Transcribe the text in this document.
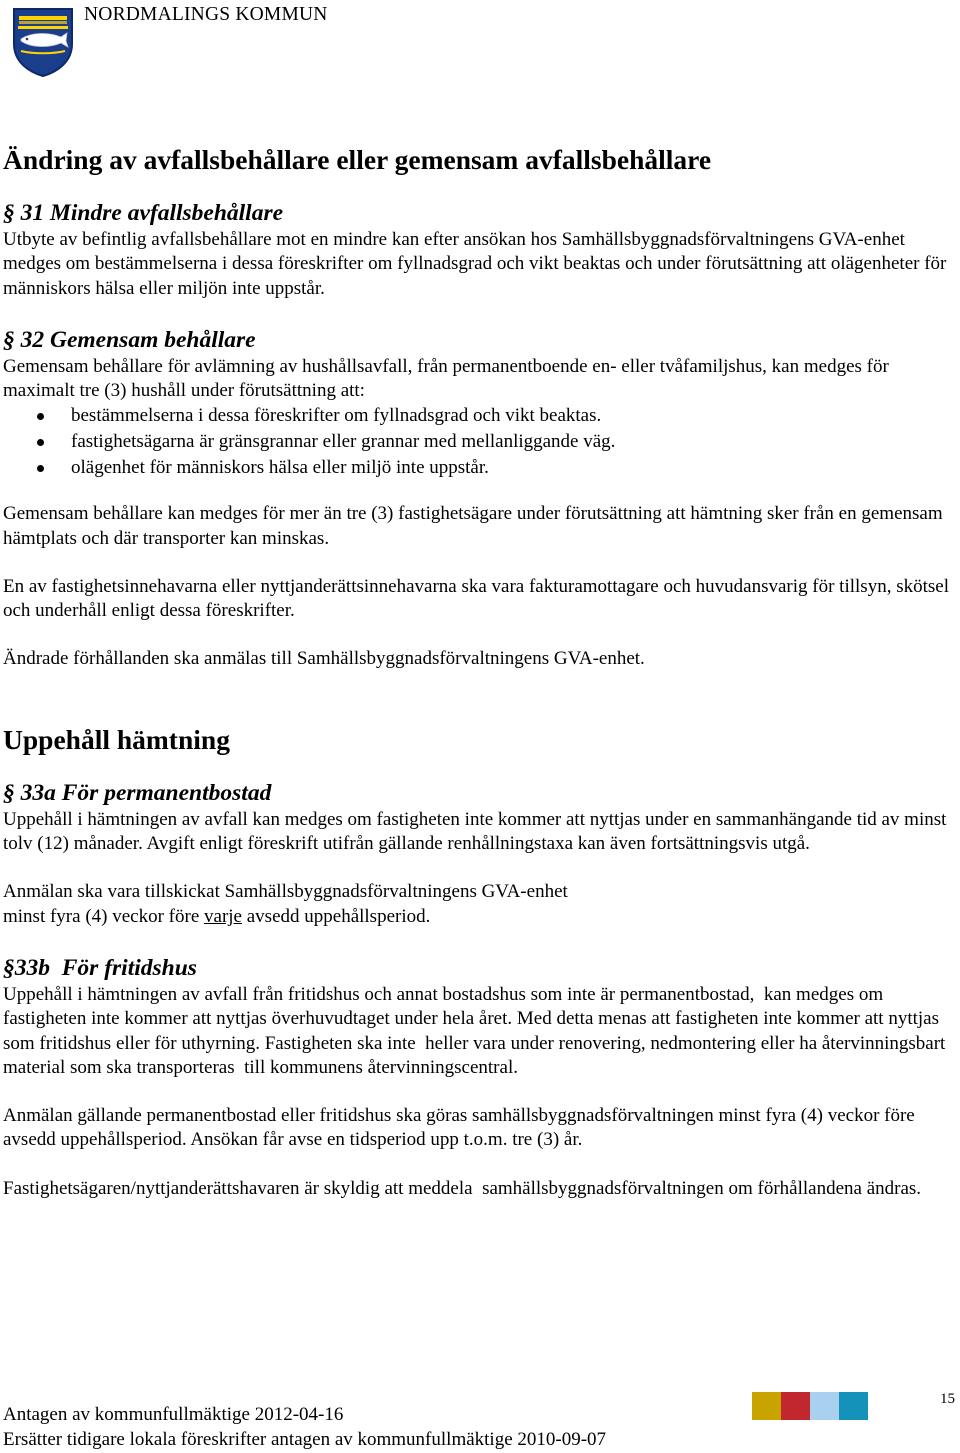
NORDMALINGS KOMMUN
Ändring av avfallsbehållare eller gemensam avfallsbehållare
§ 31 Mindre avfallsbehållare

Utbyte av befintlig avfallsbehållare mot en mindre kan efter ansökan hos Samhällsbyggnadsförvaltningens GVA-enhet medges om bestämmelserna i dessa föreskrifter om fyllnadsgrad och vikt beaktas och under förutsättning att olägenheter för människors hälsa eller miljön inte uppstår.

§ 32 Gemensam behållare

Gemensam behållare för avlämning av hushållsavfall, från permanentboende en- eller tvåfamiljshus, kan medges för maximalt tre (3) hushåll under förutsättning att:

bestämmelserna i dessa föreskrifter om fyllnadsgrad och vikt beaktas.
fastighetsägarna är gränsgrannar eller grannar med mellanliggande väg.
olägenhet för människors hälsa eller miljö inte uppstår.

Gemensam behållare kan medges för mer än tre (3) fastighetsägare under förutsättning att hämtning sker från en gemensam hämtplats och där transporter kan minskas.

En av fastighetsinnehavarna eller nyttjanderättsinnehavarna ska vara fakturamottagare och huvudansvarig för tillsyn, skötsel och underhåll enligt dessa föreskrifter.

Ändrade förhållanden ska anmälas till Samhällsbyggnadsförvaltningens GVA-enhet.

Uppehåll hämtning
§ 33a För permanentbostad

Uppehåll i hämtningen av avfall kan medges om fastigheten inte kommer att nyttjas under en sammanhängande tid av minst tolv (12) månader. Avgift enligt föreskrift utifrån gällande renhållningstaxa kan även fortsättningsvis utgå.

Anmälan ska vara tillskickat Samhällsbyggnadsförvaltningens GVA-enhet
minst fyra (4) veckor före varje avsedd uppehållsperiod.

§33b  För fritidshus

Uppehåll i hämtningen av avfall från fritidshus och annat bostadshus som inte är permanentbostad,  kan medges om fastigheten inte kommer att nyttjas överhuvudtaget under hela året. Med detta menas att fastigheten inte kommer att nyttjas som fritidshus eller för uthyrning. Fastigheten ska inte  heller vara under renovering, nedmontering eller ha återvinningsbart material som ska transporteras  till kommunens återvinningscentral.

Anmälan gällande permanentbostad eller fritidshus ska göras samhällsbyggnadsförvaltningen minst fyra (4) veckor före avsedd uppehållsperiod. Ansökan får avse en tidsperiod upp t.o.m. tre (3) år.

Fastighetsägaren/nyttjanderättshavaren är skyldig att meddela  samhällsbyggnadsförvaltningen om förhållandena ändras.

15
Antagen av kommunfullmäktige 2012-04-16
Ersätter tidigare lokala föreskrifter antagen av kommunfullmäktige 2010-09-07
